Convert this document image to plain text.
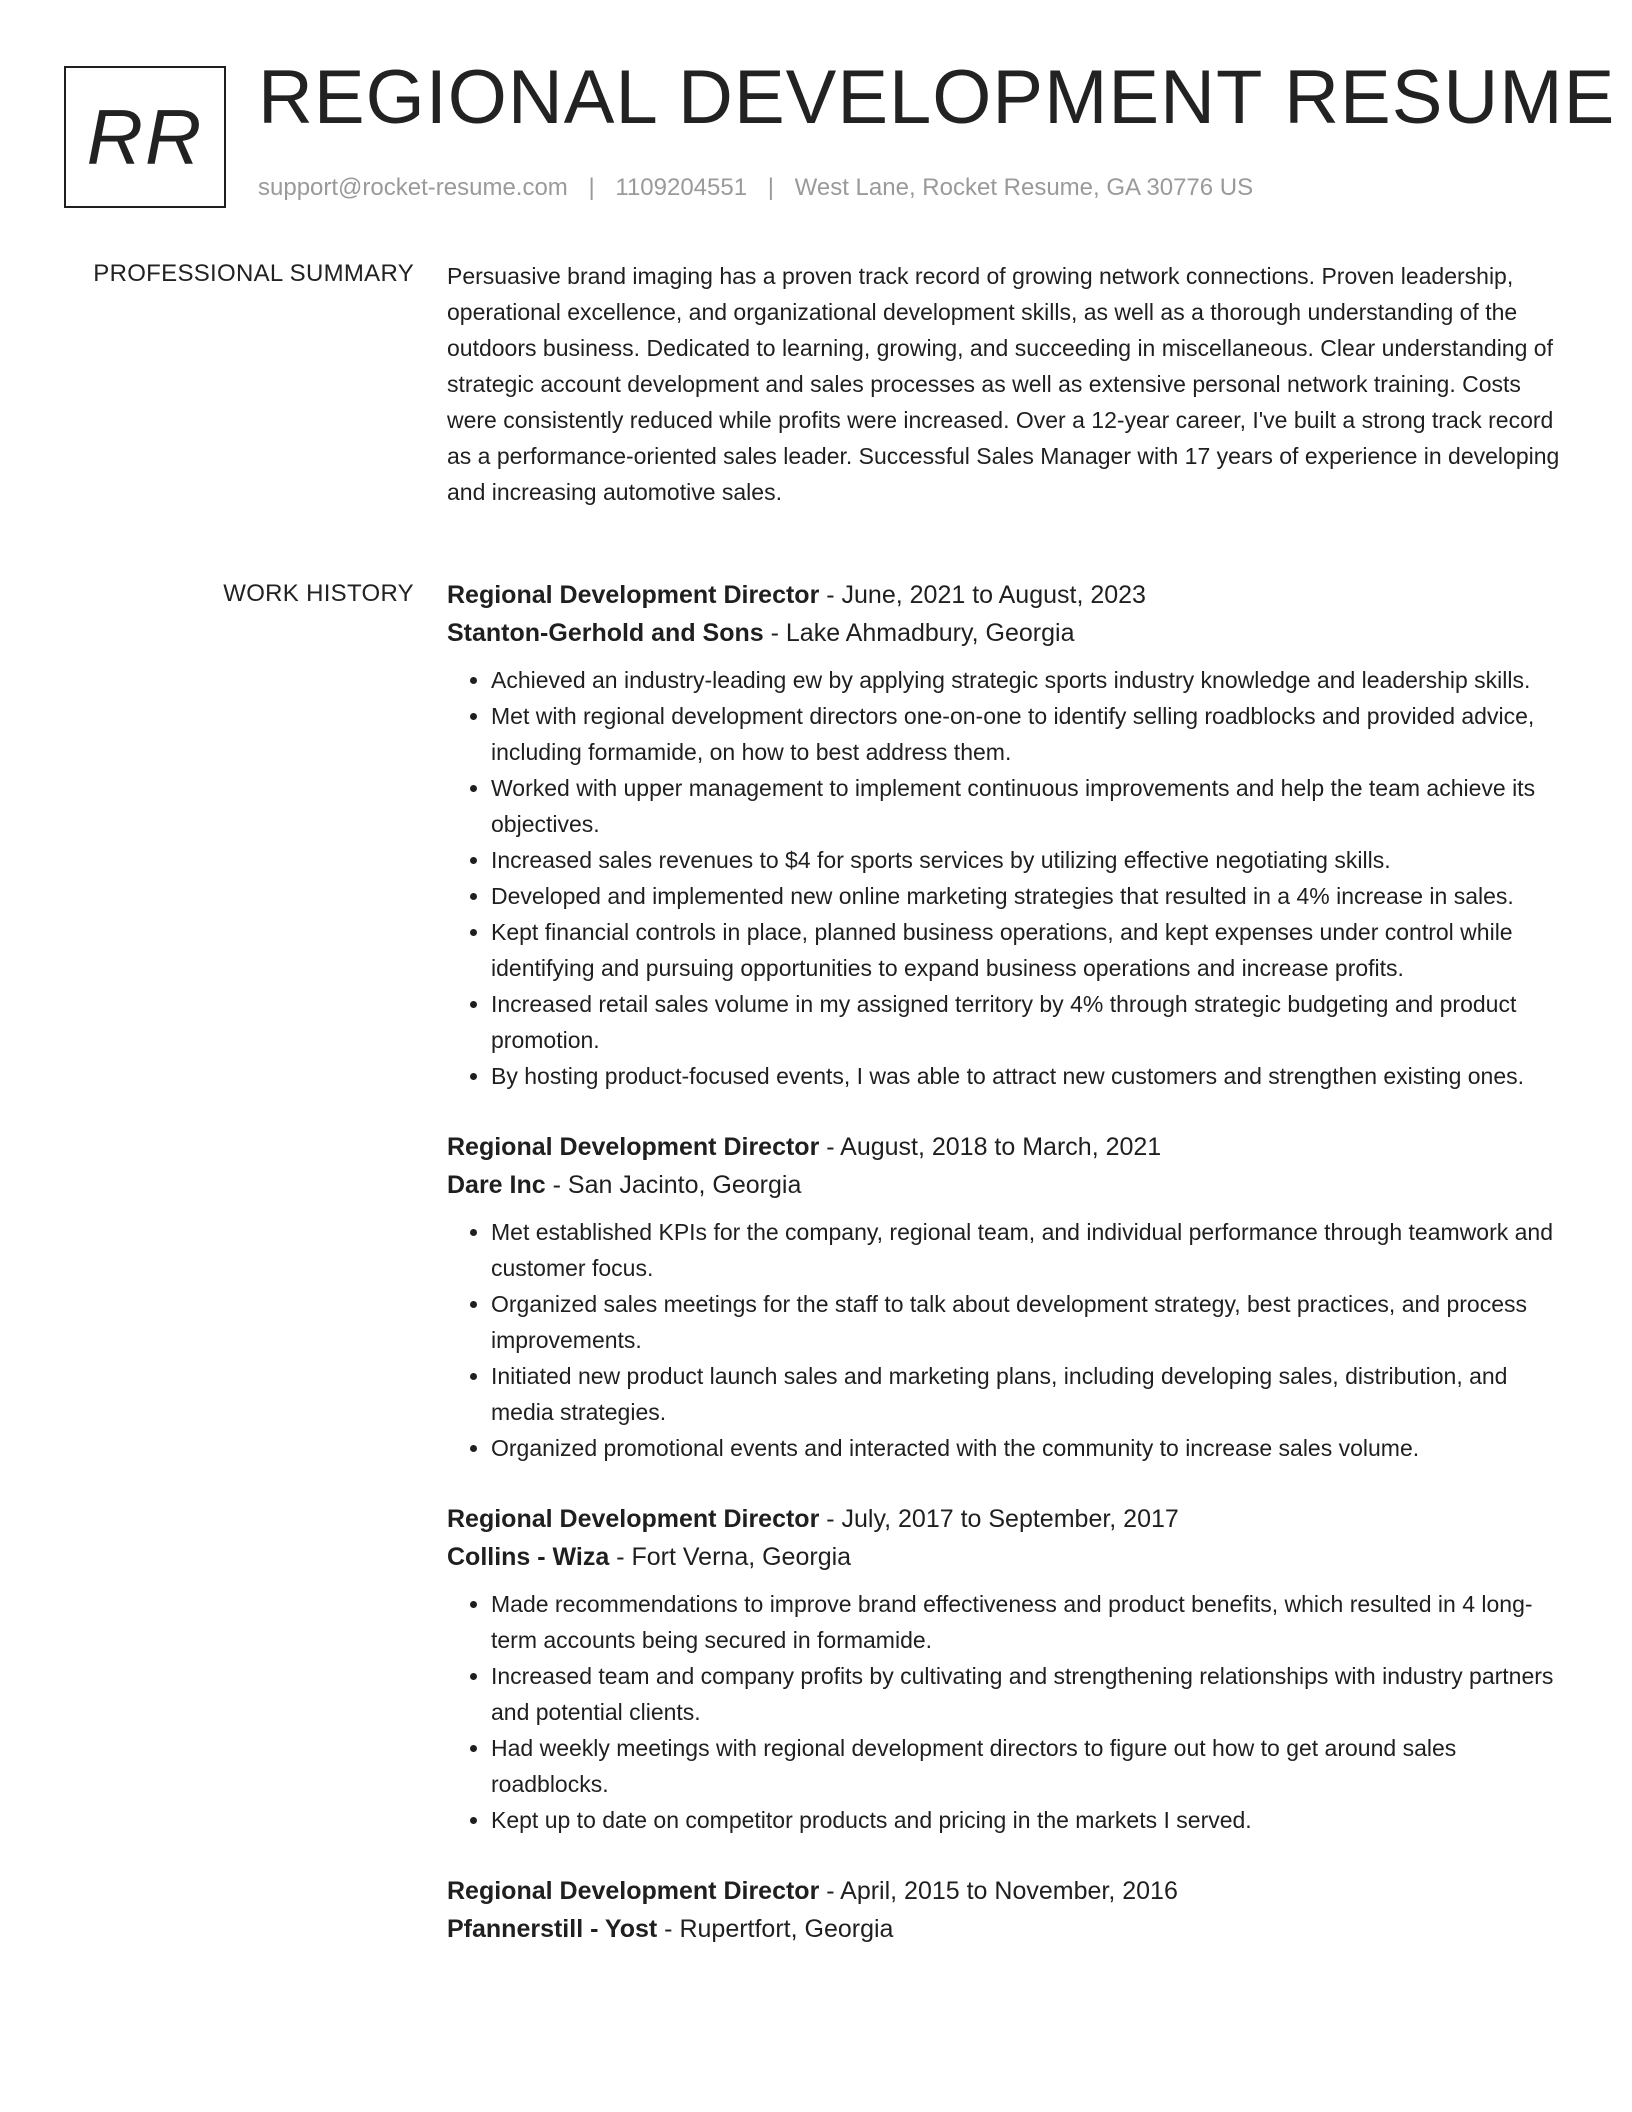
RR REGIONAL DEVELOPMENT RESUME
support@rocket-resume.com | 1109204551 | West Lane, Rocket Resume, GA 30776 US
PROFESSIONAL SUMMARY Persuasive brand imaging has a proven track record of growing network connections. Proven leadership, operational excellence, and organizational development skills, as well as a thorough understanding of the outdoors business. Dedicated to learning, growing, and succeeding in miscellaneous. Clear understanding of strategic account development and sales processes as well as extensive personal network training. Costs were consistently reduced while profits were increased. Over a 12-year career, I've built a strong track record as a performance-oriented sales leader. Successful Sales Manager with 17 years of experience in developing and increasing automotive sales.

WORK HISTORY Regional Development Director - June, 2021 to August, 2023
Stanton-Gerhold and Sons - Lake Ahmadbury, Georgia
• Achieved an industry-leading ew by applying strategic sports industry knowledge and leadership skills.
• Met with regional development directors one-on-one to identify selling roadblocks and provided advice, including formamide, on how to best address them.
• Worked with upper management to implement continuous improvements and help the team achieve its objectives.
• Increased sales revenues to $4 for sports services by utilizing effective negotiating skills.
• Developed and implemented new online marketing strategies that resulted in a 4% increase in sales.
• Kept financial controls in place, planned business operations, and kept expenses under control while identifying and pursuing opportunities to expand business operations and increase profits.
• Increased retail sales volume in my assigned territory by 4% through strategic budgeting and product promotion.
• By hosting product-focused events, I was able to attract new customers and strengthen existing ones.
Regional Development Director - August, 2018 to March, 2021
Dare Inc - San Jacinto, Georgia
• Met established KPIs for the company, regional team, and individual performance through teamwork and customer focus.
• Organized sales meetings for the staff to talk about development strategy, best practices, and process improvements.
• Initiated new product launch sales and marketing plans, including developing sales, distribution, and media strategies.
• Organized promotional events and interacted with the community to increase sales volume.
Regional Development Director - July, 2017 to September, 2017
Collins - Wiza - Fort Verna, Georgia
• Made recommendations to improve brand effectiveness and product benefits, which resulted in 4 long-term accounts being secured in formamide.
• Increased team and company profits by cultivating and strengthening relationships with industry partners and potential clients.
• Had weekly meetings with regional development directors to figure out how to get around sales roadblocks.
• Kept up to date on competitor products and pricing in the markets I served.
Regional Development Director - April, 2015 to November, 2016
Pfannerstill - Yost - Rupertfort, Georgia
